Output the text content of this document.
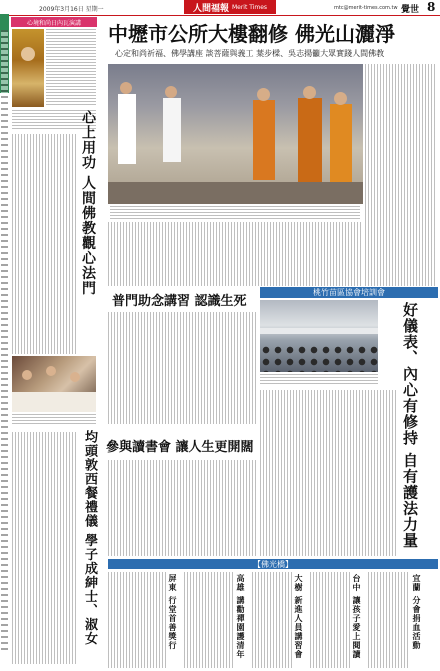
2009年3月16日 星期一	人間福報 Merit Times	mtc@merit-times.com.tw 覺世 8
心境和尚日內瓦演講
心上用功 人間佛教觀心法門
均頭敦西餐禮儀 學子成紳士、淑女
中壢市公所大樓翻修 佛光山灑淨
心定和尚祈福、佛學講座 談菩薩與義工 葉步樑、吳志揚籲大眾實踐人間佛教
普門助念講習 認識生死
參與讀書會 讓人生更開闊
桃竹苗區協會培訓會
好儀表、內心有修持 自有護法力量
【佛光橋】
屏東 行堂首善獎行	高雄 講勸禪園護清年	大樹 新進人員講習會	台中 讓孩子愛上閱讀	宜蘭 分會捐血活動
